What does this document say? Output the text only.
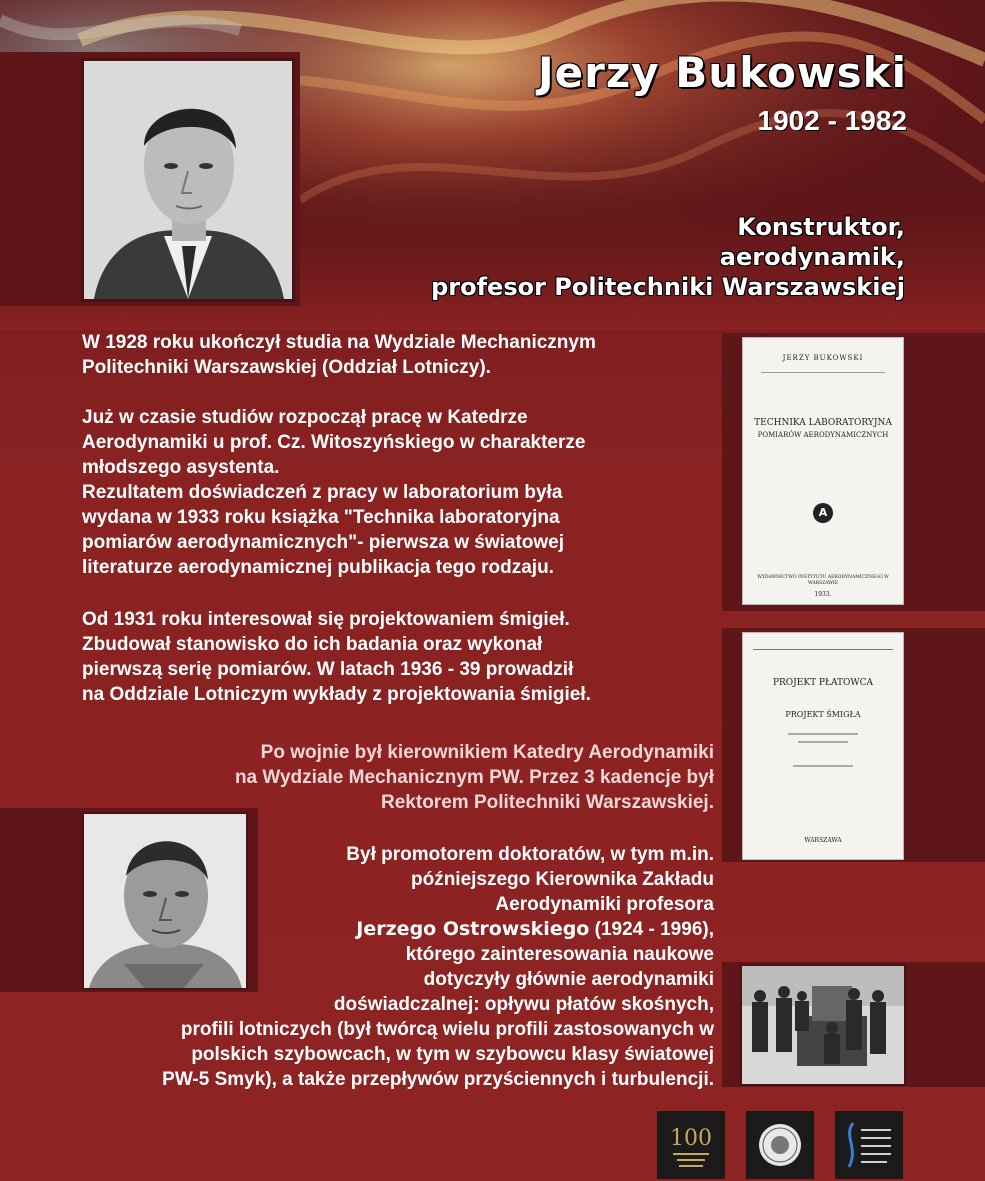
Jerzy Bukowski
1902 - 1982
Konstruktor,
aerodynamik,
profesor Politechniki Warszawskiej

W 1928 roku ukończył studia na Wydziale Mechanicznym

Politechniki Warszawskiej (Oddział Lotniczy).

Już w czasie studiów rozpoczął pracę w Katedrze

Aerodynamiki u prof. Cz. Witoszyńskiego w charakterze

młodszego asystenta.

Rezultatem doświadczeń z pracy w laboratorium była

wydana w 1933 roku książka "Technika laboratoryjna

pomiarów aerodynamicznych"- pierwsza w światowej

literaturze aerodynamicznej publikacja tego rodzaju.

Od 1931 roku interesował się projektowaniem śmigieł.

Zbudował stanowisko do ich badania oraz wykonał

pierwszą serię pomiarów. W latach 1936 - 39 prowadził

na Oddziale Lotniczym wykłady z projektowania śmigieł.

Po wojnie był kierownikiem Katedry Aerodynamiki

na Wydziale Mechanicznym PW. Przez 3 kadencje był

Rektorem Politechniki Warszawskiej.

Był promotorem doktoratów, w tym m.in.

późniejszego Kierownika Zakładu

Aerodynamiki profesora

Jerzego Ostrowskiego (1924 - 1996),

którego zainteresowania naukowe

dotyczyły głównie aerodynamiki

doświadczalnej: opływu płatów skośnych,

profili lotniczych (był twórcą wielu profili zastosowanych w

polskich szybowcach, w tym w szybowcu klasy światowej

PW-5 Smyk), a także przepływów przyściennych i turbulencji.

JERZY BUKOWSKI
TECHNIKA LABORATORYJNA
POMIARÓW AERODYNAMICZNYCH
A
WYDAWNICTWO INSTYTUTU AERODYNAMICZNEGO W WARSZAWIE
1933.
PROJEKT PŁATOWCA
PROJEKT ŚMIGŁA
WARSZAWA
100
